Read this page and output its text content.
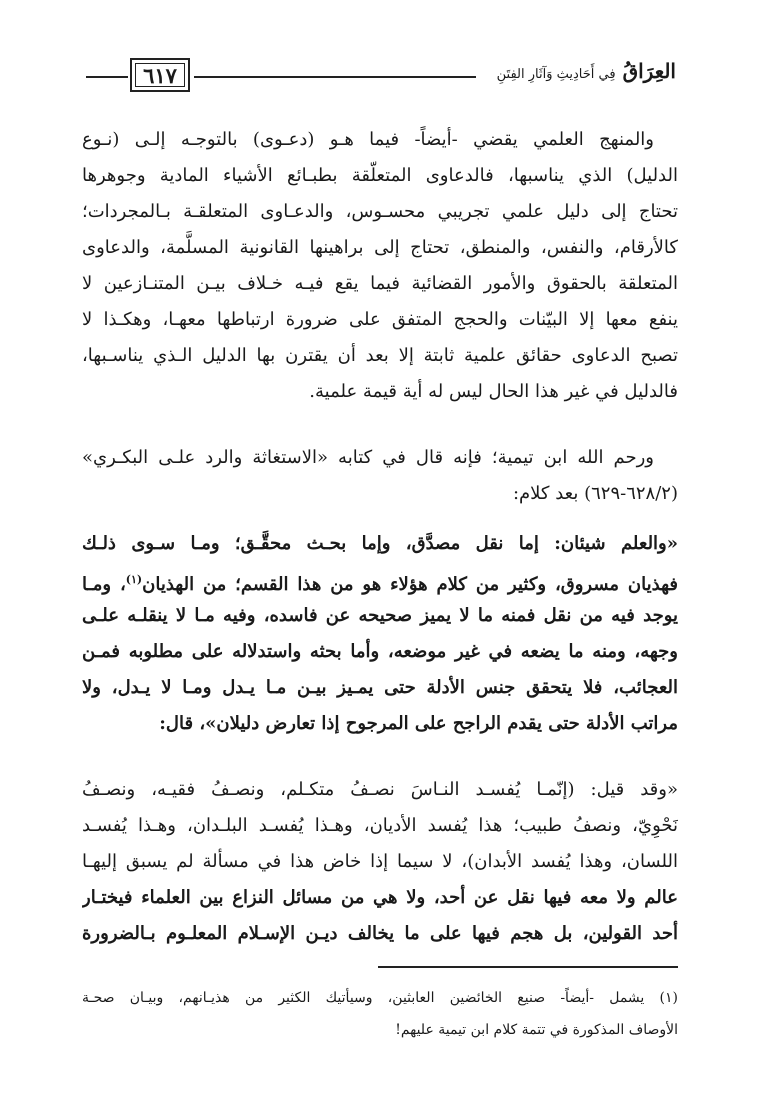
العِرَاقُ فِي أَحَادِيثِ وَآثَارِ الفِتَنِ
٦١٧
والمنهج العلمي يقضي -أيضاً- فيما هـو (دعـوى) بالتوجـه إلـى (نـوع
الدليل) الذي يناسبها، فالدعاوى المتعلّقة بطبـائع الأشياء المادية وجوهرها
تحتاج إلى دليل علمي تجريبي محسـوس، والدعـاوى المتعلقـة بـالمجردات؛
كالأرقام، والنفس، والمنطق، تحتاج إلى براهينها القانونية المسلَّمة، والدعاوى
المتعلقة بالحقوق والأمور القضائية فيما يقع فيـه خـلاف بيـن المتنـازعين لا
ينفع معها إلا البيّنات والحجج المتفق على ضرورة ارتباطها معهـا، وهكـذا لا
تصبح الدعاوى حقائق علمية ثابتة إلا بعد أن يقترن بها الدليل الـذي يناسـبها،
فالدليل في غير هذا الحال ليس له أية قيمة علمية.
ورحم الله ابن تيمية؛ فإنه قال في كتابه «الاستغاثة والرد علـى البكـري»
(٦٢٨/٢-٦٢٩) بعد كلام:
«والعلم شيئان: إما نقل مصدَّق، وإما بحـث محقَّـق؛ ومـا سـوى ذلـك
فهذيان مسروق، وكثير من كلام هؤلاء هو من هذا القسم؛ من الهذيان$^{(١)}$، ومـا
يوجد فيه من نقل فمنه ما لا يميز صحيحه عن فاسده، وفيه مـا لا ينقلـه علـى
وجهه، ومنه ما يضعه في غير موضعه، وأما بحثه واستدلاله على مطلوبه فمـن
العجائب، فلا يتحقق جنس الأدلة حتى يمـيز بيـن مـا يـدل ومـا لا يـدل، ولا
مراتب الأدلة حتى يقدم الراجح على المرجوح إذا تعارض دليلان»، قال:
«وقد قيل: (إنّمـا يُفسـد النـاسَ نصـفُ متكـلم، ونصـفُ فقيـه، ونصـفُ
نَحْوِيّ، ونصفُ طبيب؛ هذا يُفسد الأديان، وهـذا يُفسـد البلـدان، وهـذا يُفسـد
اللسان، وهذا يُفسد الأبدان)، لا سيما إذا خاض هذا في مسألة لم يسبق إليهـا
عالم ولا معه فيها نقل عن أحد، ولا هي من مسائل النزاع بين العلماء فيختـار
أحد القولين، بل هجم فيها على ما يخالف ديـن الإسـلام المعلـوم بـالضرورة
(١) يشمل -أيضاً- صنيع الخائضين العابثين، وسيأتيك الكثير من هذيـانهم، وبيـان صحـة
الأوصاف المذكورة في تتمة كلام ابن تيمية عليهم!
